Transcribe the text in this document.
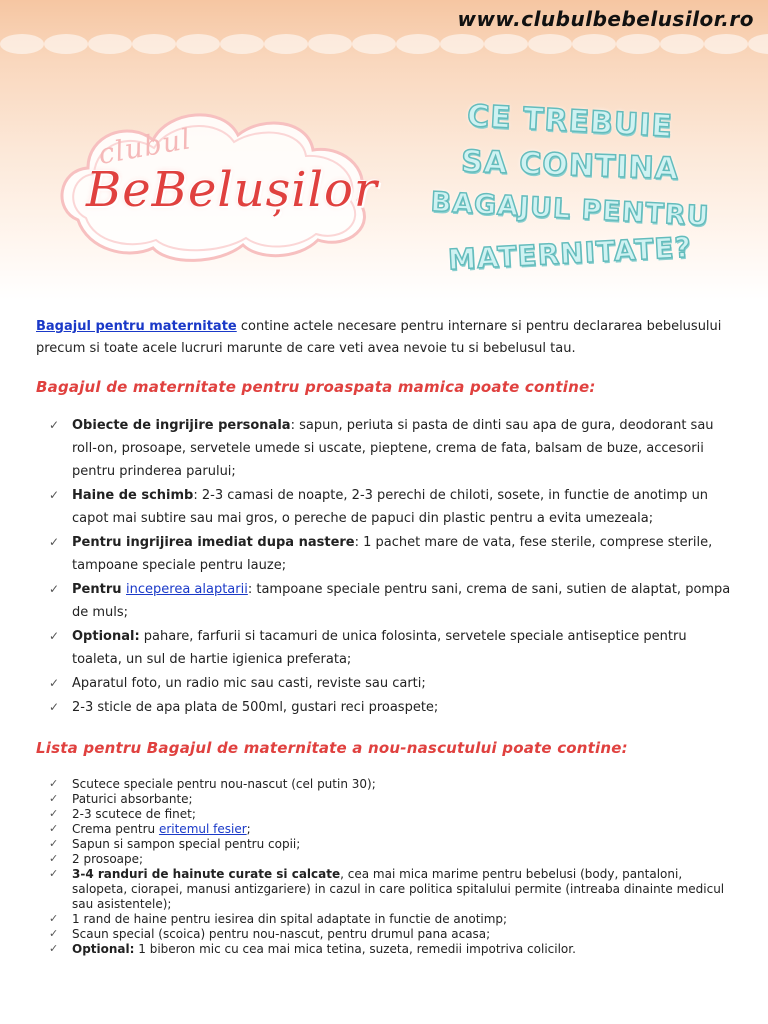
www.clubulbebelusilor.ro
clubul
BeBelușilor
CE TREBUIE
SA CONTINA
BAGAJUL PENTRU
MATERNITATE?

Bagajul pentru maternitate contine actele necesare pentru internare si pentru declararea bebelusului precum si toate acele lucruri marunte de care veti avea nevoie tu si bebelusul tau.

Bagajul de maternitate pentru proaspata mamica poate contine:
✓ Obiecte de ingrijire personala: sapun, periuta si pasta de dinti sau apa de gura, deodorant sau roll-on, prosoape, servetele umede si uscate, pieptene, crema de fata, balsam de buze, accesorii pentru prinderea parului;
✓ Haine de schimb: 2-3 camasi de noapte, 2-3 perechi de chiloti, sosete, in functie de anotimp un capot mai subtire sau mai gros, o pereche de papuci din plastic pentru a evita umezeala;
✓ Pentru ingrijirea imediat dupa nastere: 1 pachet mare de vata, fese sterile, comprese sterile, tampoane speciale pentru lauze;
✓ Pentru inceperea alaptarii: tampoane speciale pentru sani, crema de sani, sutien de alaptat, pompa de muls;
✓ Optional: pahare, farfurii si tacamuri de unica folosinta, servetele speciale antiseptice pentru toaleta, un sul de hartie igienica preferata;
✓ Aparatul foto, un radio mic sau casti, reviste sau carti;
✓ 2-3 sticle de apa plata de 500ml, gustari reci proaspete;
Lista pentru Bagajul de maternitate a nou-nascutului poate contine:
✓ Scutece speciale pentru nou-nascut (cel putin 30);
✓ Paturici absorbante;
✓ 2-3 scutece de finet;
✓ Crema pentru eritemul fesier;
✓ Sapun si sampon special pentru copii;
✓ 2 prosoape;
✓ 3-4 randuri de hainute curate si calcate, cea mai mica marime pentru bebelusi (body, pantaloni, salopeta, ciorapei, manusi antizgariere) in cazul in care politica spitalului permite (intreaba dinainte medicul sau asistentele);
✓ 1 rand de haine pentru iesirea din spital adaptate in functie de anotimp;
✓ Scaun special (scoica) pentru nou-nascut, pentru drumul pana acasa;
✓ Optional: 1 biberon mic cu cea mai mica tetina, suzeta, remedii impotriva colicilor.
